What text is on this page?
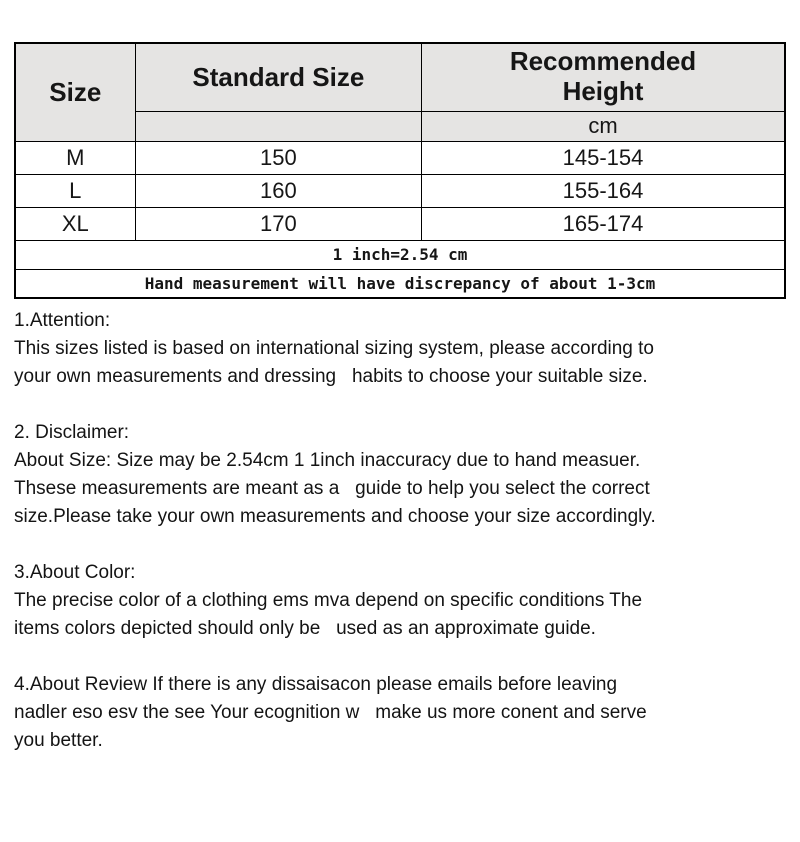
Size	Standard Size	Recommended Height

		cm
M	150	145-154
L	160	155-164
XL	170	165-174
1 inch=2.54 cm		
Hand measurement will have discrepancy of about 1-3cm		
1.Attention:
This sizes listed is based on international sizing system, please according to
your own measurements and dressing   habits to choose your suitable size.
2. Disclaimer:
About Size: Size may be 2.54cm 1 1inch inaccuracy due to hand measuer.
Thsese measurements are meant as a   guide to help you select the correct
size.Please take your own measurements and choose your size accordingly.
3.About Color:
The precise color of a clothing ems mva depend on specific conditions The
items colors depicted should only be   used as an approximate guide.
4.About Review If there is any dissaisacon please emails before leaving
nadler eso esv the see Your ecognition w   make us more conent and serve
you better.
